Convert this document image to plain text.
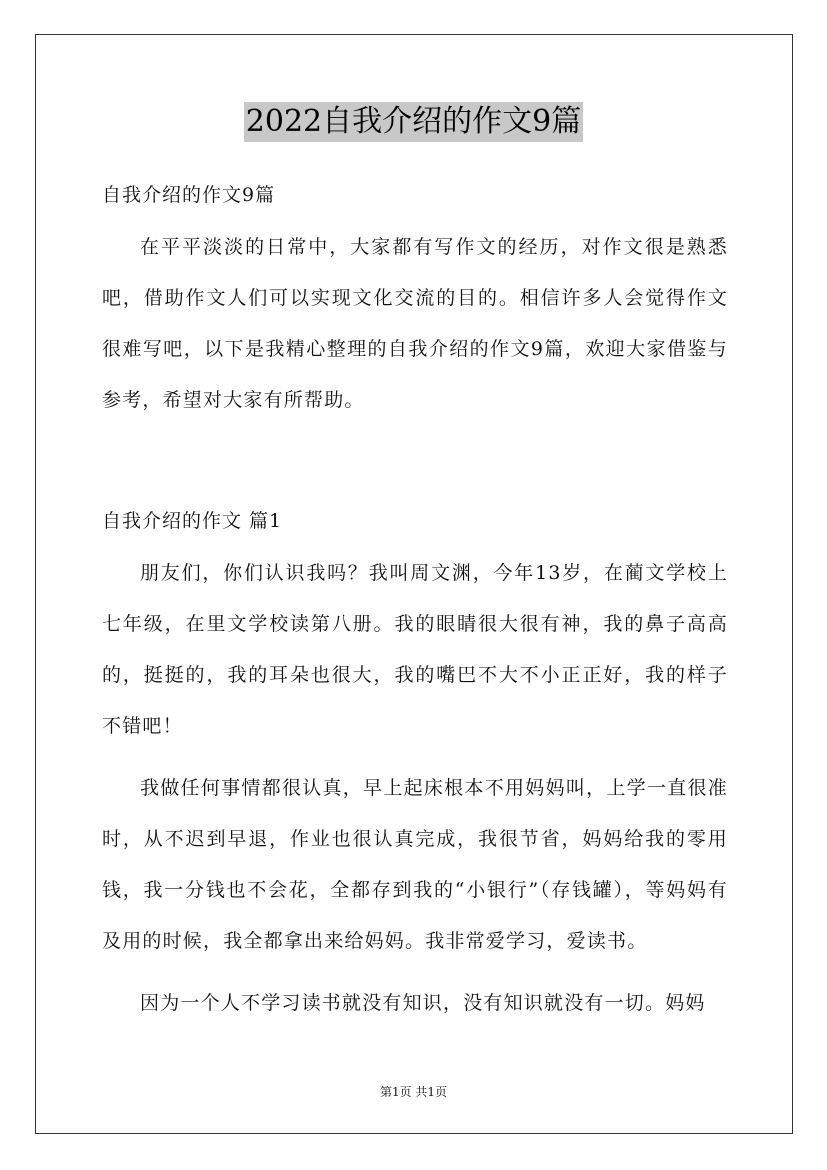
2022自我介绍的作文9篇

自我介绍的作文9篇

在平平淡淡的日常中，大家都有写作文的经历，对作文很是熟悉吧，借助作文人们可以实现文化交流的目的。相信许多人会觉得作文很难写吧，以下是我精心整理的自我介绍的作文9篇，欢迎大家借鉴与参考，希望对大家有所帮助。

自我介绍的作文 篇1

朋友们，你们认识我吗？我叫周文渊，今年13岁，在蔺文学校上七年级，在里文学校读第八册。我的眼睛很大很有神，我的鼻子高高的，挺挺的，我的耳朵也很大，我的嘴巴不大不小正正好，我的样子不错吧！

我做任何事情都很认真，早上起床根本不用妈妈叫，上学一直很准时，从不迟到早退，作业也很认真完成，我很节省，妈妈给我的零用钱，我一分钱也不会花，全都存到我的“小银行”（存钱罐），等妈妈有及用的时候，我全都拿出来给妈妈。我非常爱学习，爱读书。

因为一个人不学习读书就没有知识，没有知识就没有一切。妈妈

第1页 共1页
